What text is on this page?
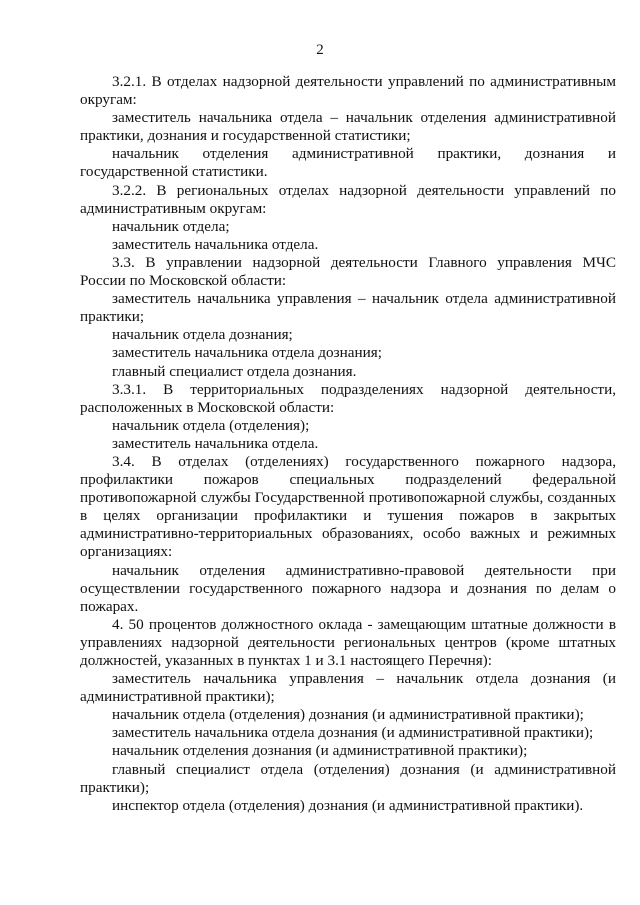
2

3.2.1. В отделах надзорной деятельности управлений по административным округам:

заместитель начальника отдела – начальник отделения административной практики, дознания и государственной статистики;

начальник отделения административной практики, дознания и государственной статистики.

3.2.2. В региональных отделах надзорной деятельности управлений по административным округам:

начальник отдела;

заместитель начальника отдела.

3.3. В управлении надзорной деятельности Главного управления МЧС России по Московской области:

заместитель начальника управления – начальник отдела административной практики;

начальник отдела дознания;

заместитель начальника отдела дознания;

главный специалист отдела дознания.

3.3.1. В территориальных подразделениях надзорной деятельности, расположенных в Московской области:

начальник отдела (отделения);

заместитель начальника отдела.

3.4. В отделах (отделениях) государственного пожарного надзора, профилактики пожаров специальных подразделений федеральной противопожарной службы Государственной противопожарной службы, созданных в целях организации профилактики и тушения пожаров в закрытых административно-территориальных образованиях, особо важных и режимных организациях:

начальник отделения административно-правовой деятельности при осуществлении государственного пожарного надзора и дознания по делам о пожарах.

4. 50 процентов должностного оклада - замещающим штатные должности в управлениях надзорной деятельности региональных центров (кроме штатных должностей, указанных в пунктах 1 и 3.1 настоящего Перечня):

заместитель начальника управления – начальник отдела дознания (и административной практики);

начальник отдела (отделения) дознания (и административной практики);

заместитель начальника отдела дознания (и административной практики);

начальник отделения дознания (и административной практики);

главный специалист отдела (отделения) дознания (и административной практики);

инспектор отдела (отделения) дознания (и административной практики).
